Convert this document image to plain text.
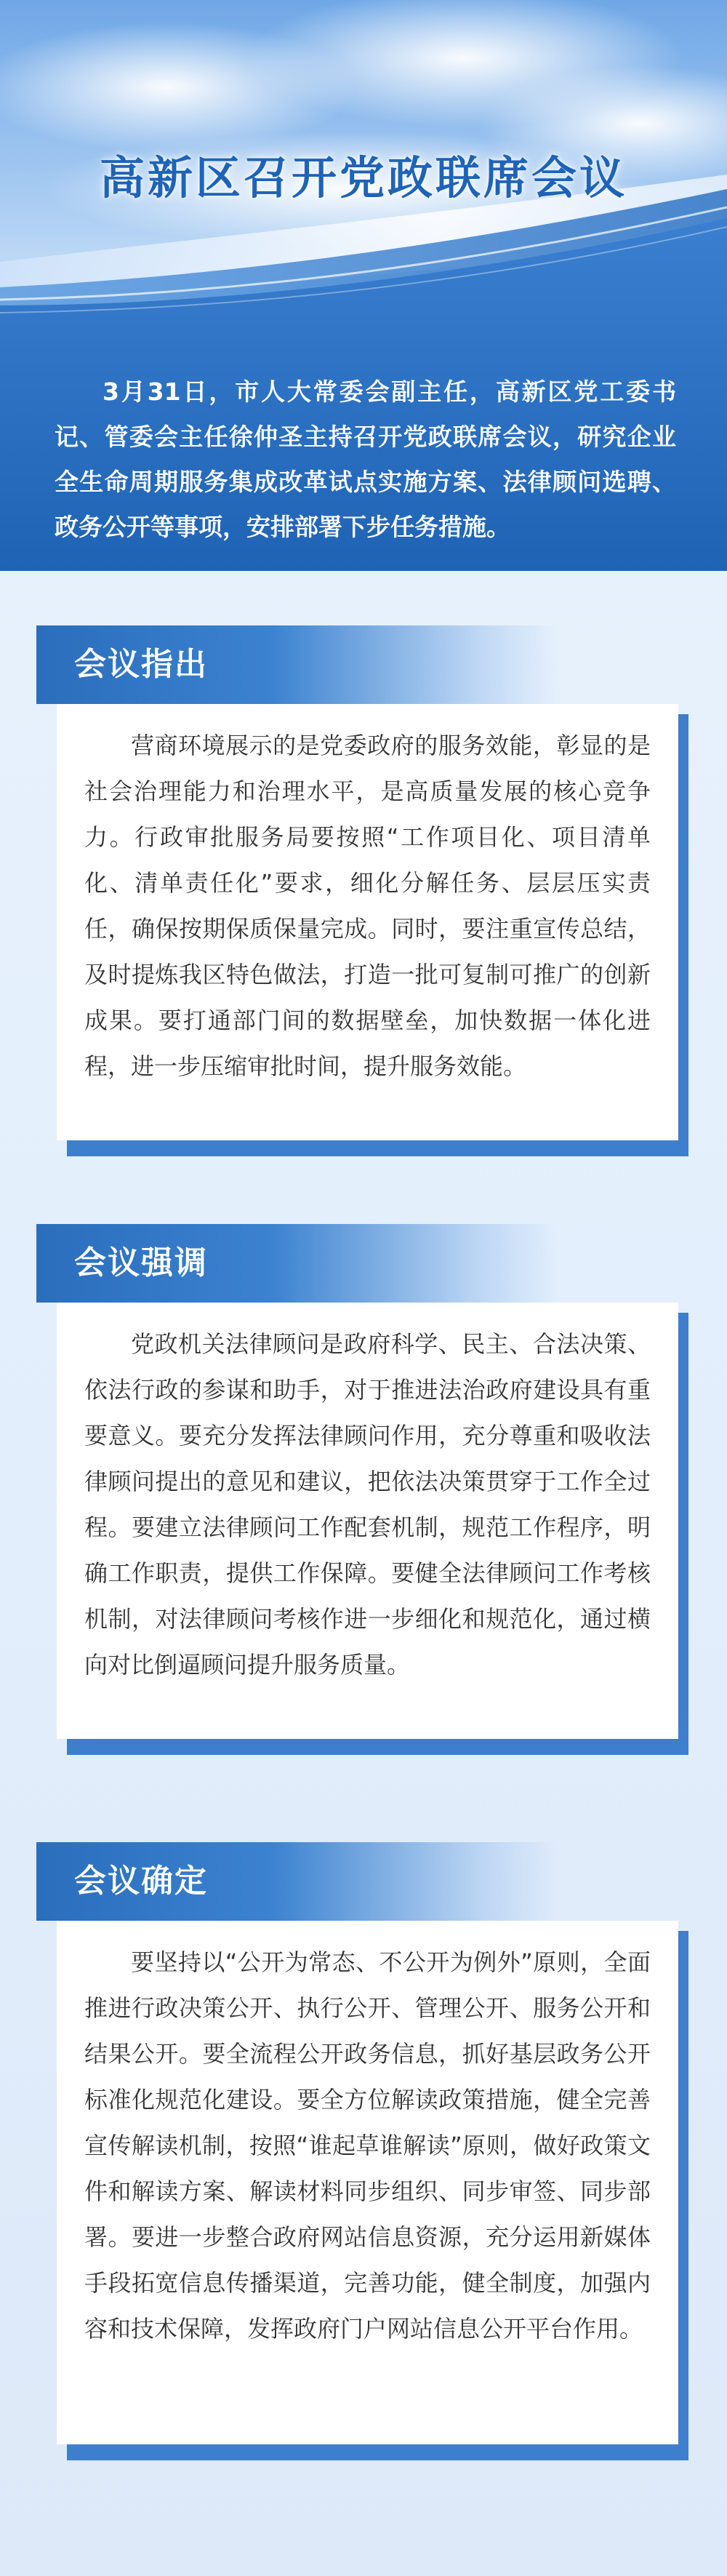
高新区召开党政联席会议

3月31日，市人大常委会副主任，高新区党工委书记、管委会主任徐仲圣主持召开党政联席会议，研究企业全生命周期服务集成改革试点实施方案、法律顾问选聘、政务公开等事项，安排部署下步任务措施。

营商环境展示的是党委政府的服务效能，彰显的是社会治理能力和治理水平，是高质量发展的核心竞争力。行政审批服务局要按照“工作项目化、项目清单化、清单责任化”要求，细化分解任务、层层压实责任，确保按期保质保量完成。同时，要注重宣传总结，及时提炼我区特色做法，打造一批可复制可推广的创新成果。要打通部门间的数据壁垒，加快数据一体化进程，进一步压缩审批时间，提升服务效能。

会议指出

党政机关法律顾问是政府科学、民主、合法决策、依法行政的参谋和助手，对于推进法治政府建设具有重要意义。要充分发挥法律顾问作用，充分尊重和吸收法律顾问提出的意见和建议，把依法决策贯穿于工作全过程。要建立法律顾问工作配套机制，规范工作程序，明确工作职责，提供工作保障。要健全法律顾问工作考核机制，对法律顾问考核作进一步细化和规范化，通过横向对比倒逼顾问提升服务质量。

会议强调

要坚持以“公开为常态、不公开为例外”原则，全面推进行政决策公开、执行公开、管理公开、服务公开和结果公开。要全流程公开政务信息，抓好基层政务公开标准化规范化建设。要全方位解读政策措施，健全完善宣传解读机制，按照“谁起草谁解读”原则，做好政策文件和解读方案、解读材料同步组织、同步审签、同步部署。要进一步整合政府网站信息资源，充分运用新媒体手段拓宽信息传播渠道，完善功能，健全制度，加强内容和技术保障，发挥政府门户网站信息公开平台作用。

会议确定
